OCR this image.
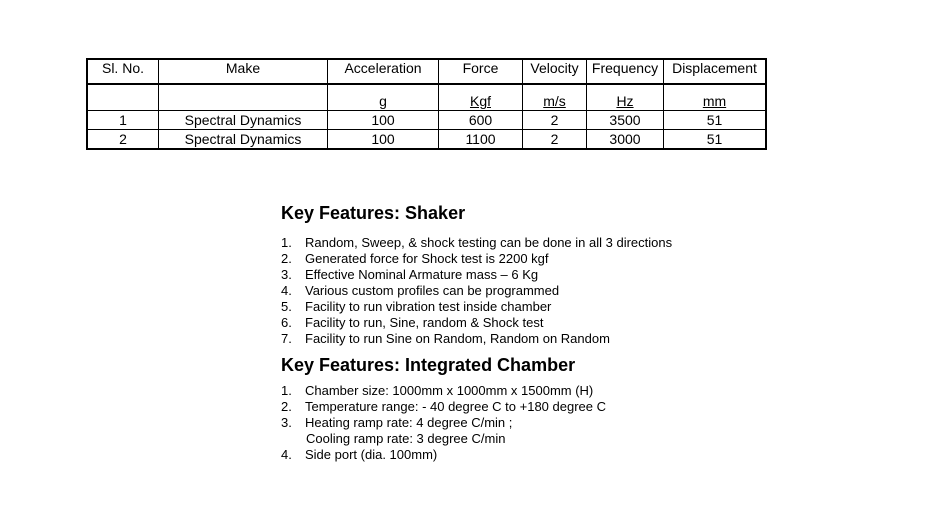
Sl. No.	Make	Acceleration	Force	Velocity	Frequency	Displacement
		g	Kgf	m/s	Hz	mm
1	Spectral Dynamics	100	600	2	3500	51
2	Spectral Dynamics	100	1100	2	3000	51
Key Features: Shaker
1. Random, Sweep, & shock testing can be done in all 3 directions
2. Generated force for Shock test is 2200 kgf
3. Effective Nominal Armature mass – 6 Kg
4. Various custom profiles can be programmed
5. Facility to run vibration test inside chamber
6. Facility to run, Sine, random & Shock test
7. Facility to run Sine on Random, Random on Random
Key Features: Integrated Chamber
1. Chamber size: 1000mm x 1000mm x 1500mm (H)
2. Temperature range: - 40 degree C to +180 degree C
3. Heating ramp rate: 4 degree C/min ;
Cooling ramp rate: 3 degree C/min
4. Side port (dia. 100mm)
